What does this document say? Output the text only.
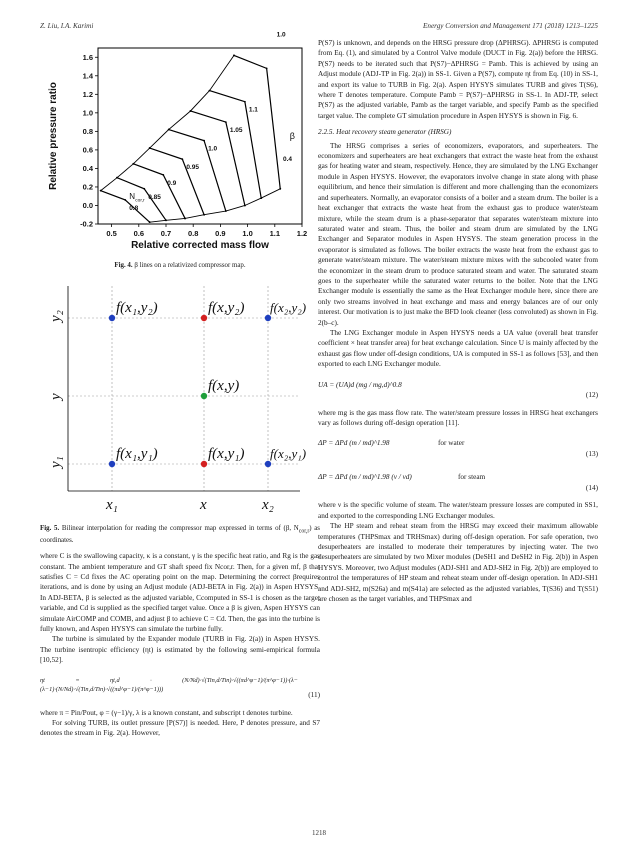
Z. Liu, I.A. Karimi	Energy Conversion and Management 171 (2018) 1213–1225
0.5 0.6 0.7 0.8 0.9 1.0 1.1 1.2
-0.2
0.0
0.2
0.4
0.6
0.8
1.0
1.2
1.4
1.6
Relative corrected mass flow
Relative pressure ratio
0.8
0.85
0.9
0.95
1.0
1.05
1.1
1.0
N cor,r
β
0.4
Fig. 4. β lines on a relativized compressor map.
f(x₁,y₂)	f(x,y₂) f(x₂,y₂)
f(x,y)
f(x₁,y₁)	f(x,y₁) f(x₂,y₁)
x₁	x	x₂
y₂
y
y₁
Fig. 5. Bilinear interpolation for reading the compressor map expressed in terms of (β, $N_{cor,r}$) as coordinates.

where C is the swallowing capacity, κ is a constant, γ is the specific heat ratio, and Rg is the gas constant. The ambient temperature and GT shaft speed fix Ncor,r. Then, for a given mf, β that satisfies C = Cd fixes the AC operating point on the map. Determining the correct βrequires iterations, and is done by using an Adjust module (ADJ-BETA in Fig. 2(a)) in Aspen HYSYS. In ADJ-BETA, β is selected as the adjusted variable, Ccomputed in SS-1 is chosen as the target variable, and Cd is supplied as the specified target value. Once a β is given, Aspen HYSYS can simulate AirCOMP and COMB, and adjust β to achieve C = Cd. Then, the gas into the turbine is fully known, and Aspen HYSYS can simulate the turbine fully.

The turbine is simulated by the Expander module (TURB in Fig. 2(a)) in Aspen HYSYS. The turbine isentropic efficiency (ηt) is estimated by the following semi-empirical formula [10,52].

ηt = ηt,d · (N/Nd)·√(Tin,d/Tin)·√((πd^φ−1)/(π^φ−1))·(λ−(λ−1)·(N/Nd)·√(Tin,d/Tin)·√((πd^φ−1)/(π^φ−1)))
(11)

where π = Pin/Pout, φ = (γ−1)/γ, λ is a known constant, and subscript t denotes turbine.

For solving TURB, its outlet pressure [P(S7)] is needed. Here, P denotes pressure, and S7 denotes the stream in Fig. 2(a). However,

P(S7) is unknown, and depends on the HRSG pressure drop (ΔPHRSG). ΔPHRSG is computed from Eq. (1), and simulated by a Control Valve module (DUCT in Fig. 2(a)) before the HRSG. P(S7) needs to be iterated such that P(S7)−ΔPHRSG = Pamb. This is achieved by using an Adjust module (ADJ-TP in Fig. 2(a)) in SS-1. Given a P(S7), compute ηt from Eq. (10) in SS-1, and export its value to TURB in Fig. 2(a). Aspen HYSYS simulates TURB and gives T(S6), where T denotes temperature. Compute Pamb = P(S7)−ΔPHRSG in SS-1. In ADJ-TP, select P(S7) as the adjusted variable, Pamb as the target variable, and specify Pamb as the specified target value. The complete GT simulation procedure in Aspen HYSYS is shown in Fig. 6.

2.2.5. Heat recovery steam generator (HRSG)

The HRSG comprises a series of economizers, evaporators, and superheaters. The economizers and superheaters are heat exchangers that extract the waste heat from the exhaust gas for heating water and steam, respectively. Hence, they are simulated by the LNG Exchanger module in Aspen HYSYS. However, the evaporators involve change in state along with phase equilibrium, and hence their simulation is different and more challenging than the economizers and superheaters. Normally, an evaporator consists of a boiler and a steam drum. The boiler is a heat exchanger that extracts the waste heat from the exhaust gas to produce water/steam mixture, while the steam drum is a phase-separator that separates water/steam mixture into saturated water and steam. Thus, the boiler and steam drum are simulated by the LNG Exchanger and Separator modules in Aspen HYSYS. The steam generation process in the evaporator is simulated as follows. The boiler extracts the waste heat from the exhaust gas to generate water/steam mixture. The water/steam mixture mixes with the subcooled water from the economizer in the steam drum to produce saturated steam and water. The saturated steam goes to the superheater while the saturated water returns to the boiler. Note that the LNG Exchanger module is essentially the same as the Heat Exchanger module here, since there are only two streams involved in heat exchange and mass and energy balances are of our only interest. Our motivation is to just make the BFD look cleaner (less convoluted) as shown in Fig. 2(b–c).

The LNG Exchanger module in Aspen HYSYS needs a UA value (overall heat transfer coefficient × heat transfer area) for heat exchange calculation. Since U is mainly affected by the exhaust gas flow under off-design conditions, UA is computed in SS-1 as follows [53], and then exported to each LNG Exchanger module.

UA = (UA)d (mg / mg,d)^0.8
(12)

where mg is the gas mass flow rate. The water/steam pressure losses in HRSG heat exchangers vary as follows during off-design operation [11].

ΔP = ΔPd (m / md)^1.98	for water
(13)
ΔP = ΔPd (m / md)^1.98 (ν / νd)	for steam
(14)

where ν is the specific volume of steam. The water/steam pressure losses are computed in SS1, and exported to the corresponding LNG Exchanger modules.

The HP steam and reheat steam from the HRSG may exceed their maximum allowable temperatures (THPSmax and TRHSmax) during off-design operation. For safe operation, two desuperheaters are installed to moderate their temperatures by injecting water. The two desuperheaters are simulated by two Mixer modules (DeSH1 and DeSH2 in Fig. 2(b)) in Aspen HYSYS. Moreover, two Adjust modules (ADJ-SH1 and ADJ-SH2 in Fig. 2(b)) are employed to control the temperatures of HP steam and reheat steam under off-design operation. In ADJ-SH1 and ADJ-SH2, m(S26a) and m(S41a) are selected as the adjusted variables, T(S36) and T(S51) are chosen as the target variables, and THPSmax and

1218
